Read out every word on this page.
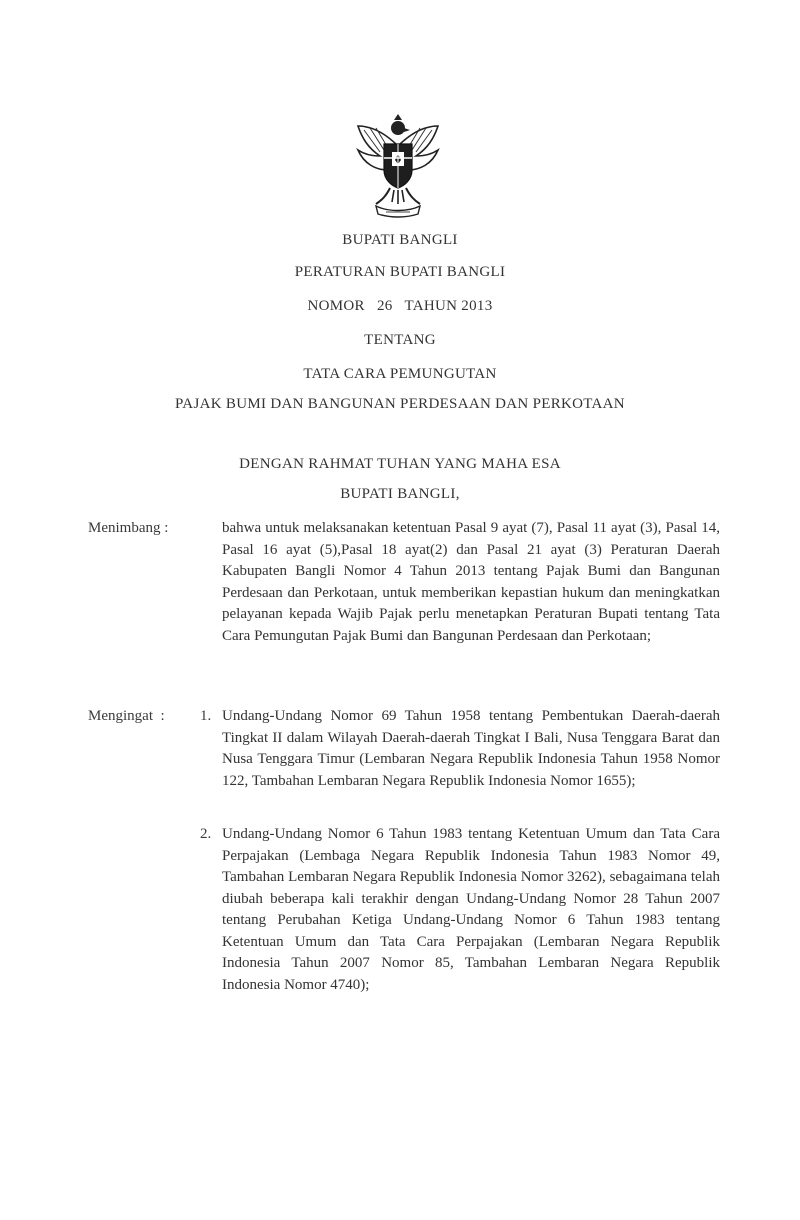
BUPATI BANGLI
PERATURAN BUPATI BANGLI
NOMOR   26   TAHUN 2013
TENTANG
TATA CARA PEMUNGUTAN
PAJAK BUMI DAN BANGUNAN PERDESAAN DAN PERKOTAAN
DENGAN RAHMAT TUHAN YANG MAHA ESA
BUPATI BANGLI,
Menimbang :	bahwa untuk melaksanakan ketentuan Pasal 9 ayat (7), Pasal 11 ayat (3), Pasal 14, Pasal 16 ayat (5),Pasal 18 ayat(2) dan Pasal 21 ayat (3) Peraturan Daerah Kabupaten Bangli Nomor 4 Tahun 2013 tentang Pajak Bumi dan Bangunan Perdesaan dan Perkotaan, untuk memberikan kepastian hukum dan meningkatkan pelayanan kepada Wajib Pajak perlu menetapkan Peraturan Bupati tentang Tata Cara Pemungutan Pajak Bumi dan Bangunan Perdesaan dan Perkotaan;
Mengingat  : 1. Undang-Undang Nomor 69 Tahun 1958 tentang Pembentukan Daerah-daerah Tingkat II dalam Wilayah Daerah-daerah Tingkat I Bali, Nusa Tenggara Barat dan Nusa Tenggara Timur (Lembaran Negara Republik Indonesia Tahun 1958 Nomor 122, Tambahan Lembaran Negara Republik Indonesia Nomor 1655);
2. Undang-Undang Nomor 6 Tahun 1983 tentang Ketentuan Umum dan Tata Cara Perpajakan (Lembaga Negara Republik Indonesia Tahun 1983 Nomor 49, Tambahan Lembaran Negara Republik Indonesia Nomor 3262), sebagaimana telah diubah beberapa kali terakhir dengan Undang-Undang Nomor 28 Tahun 2007 tentang Perubahan Ketiga Undang-Undang Nomor 6 Tahun 1983 tentang Ketentuan Umum dan Tata Cara Perpajakan (Lembaran Negara Republik Indonesia Tahun 2007 Nomor 85, Tambahan Lembaran Negara Republik Indonesia Nomor 4740);
